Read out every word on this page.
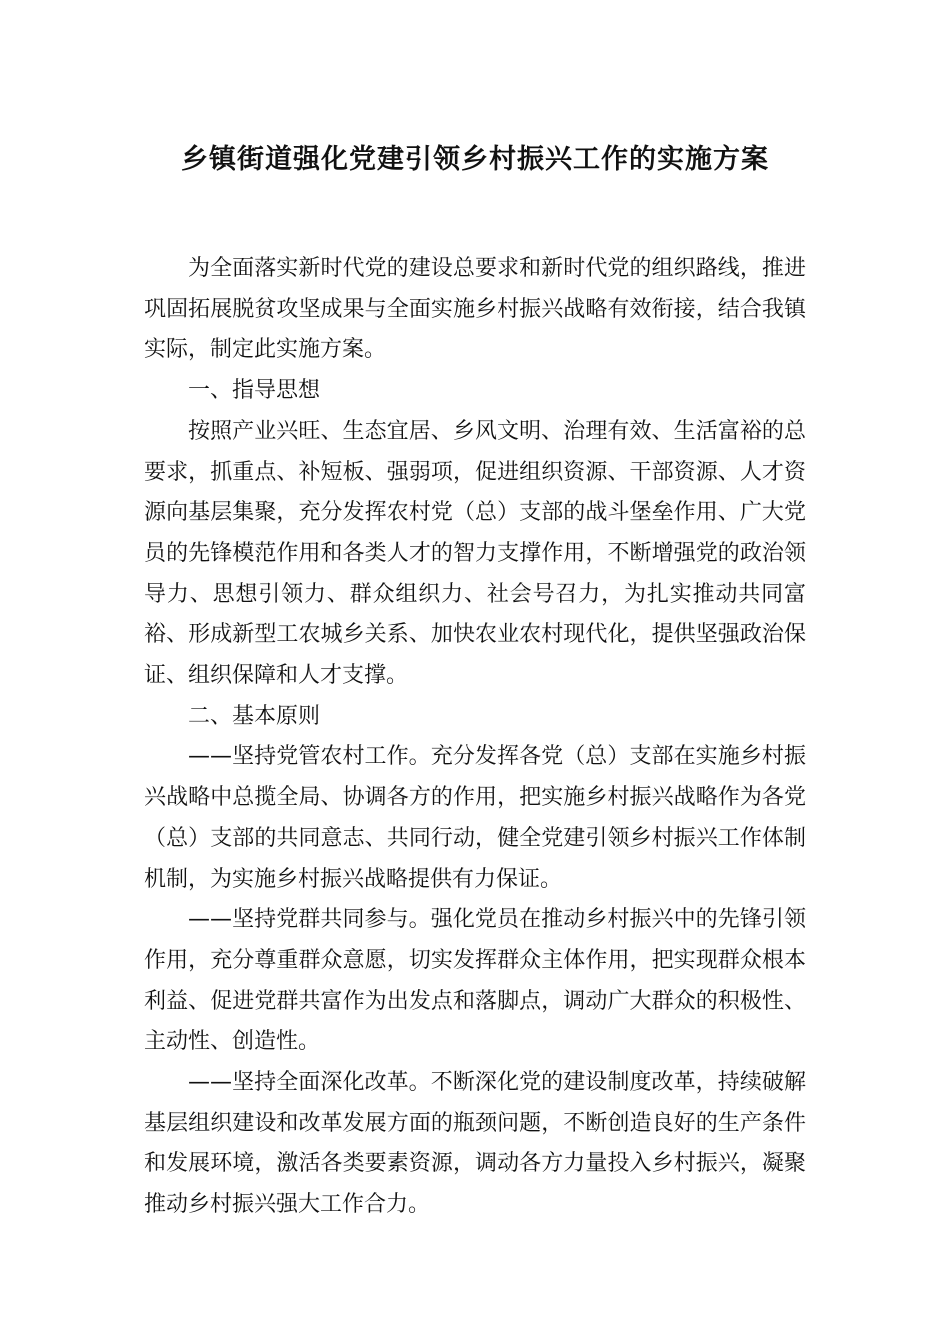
乡镇街道强化党建引领乡村振兴工作的实施方案

为全面落实新时代党的建设总要求和新时代党的组织路线，推进巩固拓展脱贫攻坚成果与全面实施乡村振兴战略有效衔接，结合我镇实际，制定此实施方案。

一、指导思想

按照产业兴旺、生态宜居、乡风文明、治理有效、生活富裕的总要求，抓重点、补短板、强弱项，促进组织资源、干部资源、人才资源向基层集聚，充分发挥农村党（总）支部的战斗堡垒作用、广大党员的先锋模范作用和各类人才的智力支撑作用，不断增强党的政治领导力、思想引领力、群众组织力、社会号召力，为扎实推动共同富裕、形成新型工农城乡关系、加快农业农村现代化，提供坚强政治保证、组织保障和人才支撑。

二、基本原则

——坚持党管农村工作。充分发挥各党（总）支部在实施乡村振兴战略中总揽全局、协调各方的作用，把实施乡村振兴战略作为各党（总）支部的共同意志、共同行动，健全党建引领乡村振兴工作体制机制，为实施乡村振兴战略提供有力保证。

——坚持党群共同参与。强化党员在推动乡村振兴中的先锋引领作用，充分尊重群众意愿，切实发挥群众主体作用，把实现群众根本利益、促进党群共富作为出发点和落脚点，调动广大群众的积极性、主动性、创造性。

——坚持全面深化改革。不断深化党的建设制度改革，持续破解基层组织建设和改革发展方面的瓶颈问题，不断创造良好的生产条件和发展环境，激活各类要素资源，调动各方力量投入乡村振兴，凝聚推动乡村振兴强大工作合力。
